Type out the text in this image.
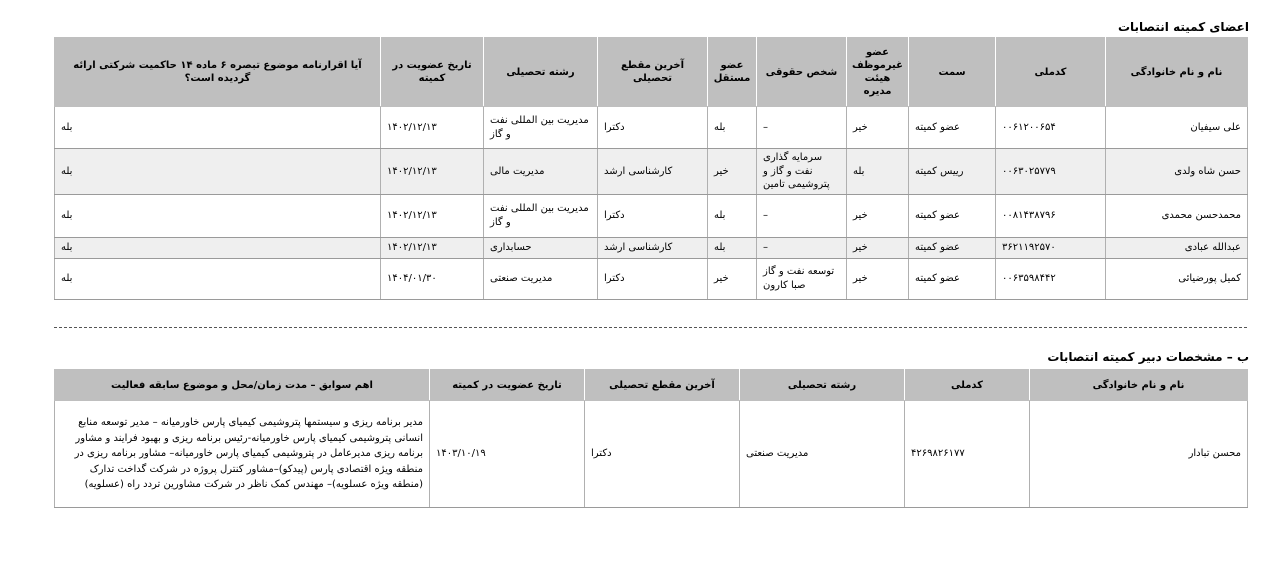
اعضای کمیته انتصابات
نام و نام خانوادگی	کدملی	سمت	عضو غیرموظف هیئت مدیره	شخص حقوقی	عضو مستقل	آخرین مقطع تحصیلی	رشته تحصیلی	تاریخ عضویت در کمیته	آیا اقرارنامه موضوع تبصره ۶ ماده ۱۴ حاکمیت شرکتی ارائه گردیده است؟
علی سیفیان	۰۰۶۱۲۰۰۶۵۴	عضو کمیته	خیر	–	بله	دکترا	مدیریت بین المللی نفت و گاز	۱۴۰۲/۱۲/۱۳	بله
حسن شاه ولدی	۰۰۶۳۰۲۵۷۷۹	رییس کمیته	بله	سرمایه گذاری نفت و گاز و پتروشیمی تامین	خیر	کارشناسی ارشد	مدیریت مالی	۱۴۰۲/۱۲/۱۳	بله
محمدحسن محمدی	۰۰۸۱۴۳۸۷۹۶	عضو کمیته	خیر	–	بله	دکترا	مدیریت بین المللی نفت و گاز	۱۴۰۲/۱۲/۱۳	بله
عبدالله عبادی	۳۶۲۱۱۹۲۵۷۰	عضو کمیته	خیر	–	بله	کارشناسی ارشد	حسابداری	۱۴۰۲/۱۲/۱۳	بله
کمیل پورضیائی	۰۰۶۳۵۹۸۴۴۲	عضو کمیته	خیر	توسعه نفت و گاز صبا کارون	خیر	دکترا	مدیریت صنعتی	۱۴۰۴/۰۱/۳۰	بله
ب – مشخصات دبیر کمیته انتصابات
نام و نام خانوادگی	کدملی	رشته تحصیلی	آخرین مقطع تحصیلی	تاریخ عضویت در کمیته	اهم سوابق – مدت زمان/محل و موضوع سابقه فعالیت
محسن تبادار	۴۲۶۹۸۲۶۱۷۷	مدیریت صنعتی	دکترا	۱۴۰۳/۱۰/۱۹	مدیر برنامه ریزی و سیستمها پتروشیمی کیمیای پارس خاورمیانه – مدیر توسعه منابع انسانی پتروشیمی کیمیای پارس خاورمیانه-رئیس برنامه ریزی و بهبود فرایند و مشاور برنامه ریزی مدیرعامل در پتروشیمی کیمیای پارس خاورمیانه– مشاور برنامه ریزی در منطقه ویژه اقتصادی پارس (پیدکو)–مشاور کنترل پروژه در شرکت گداخت تدارک (منطقه ویژه عسلویه)– مهندس کمک ناظر در شرکت مشاورین تردد راه (عسلویه)
